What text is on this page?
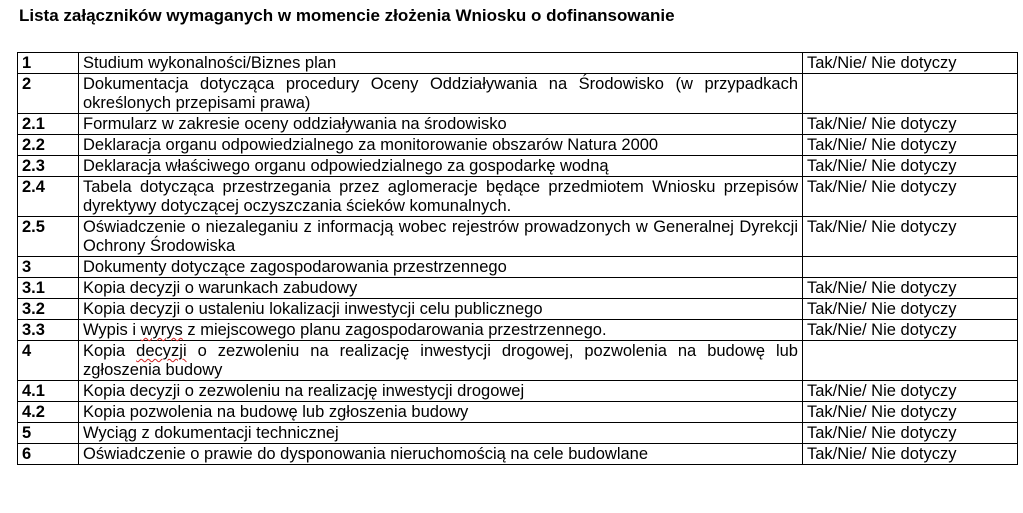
Lista załączników wymaganych w momencie złożenia Wniosku o dofinansowanie
1	Studium wykonalności/Biznes plan	Tak/Nie/ Nie dotyczy
2	Dokumentacja dotycząca procedury Oceny Oddziaływania na Środowisko (w przypadkach określonych przepisami prawa)	
2.1	Formularz w zakresie oceny oddziaływania na środowisko	Tak/Nie/ Nie dotyczy
2.2	Deklaracja organu odpowiedzialnego za monitorowanie obszarów Natura 2000	Tak/Nie/ Nie dotyczy
2.3	Deklaracja właściwego organu odpowiedzialnego za gospodarkę wodną	Tak/Nie/ Nie dotyczy
2.4	Tabela dotycząca przestrzegania przez aglomeracje będące przedmiotem Wniosku przepisów dyrektywy dotyczącej oczyszczania ścieków komunalnych.	Tak/Nie/ Nie dotyczy
2.5	Oświadczenie o niezaleganiu z informacją wobec rejestrów prowadzonych w Generalnej Dyrekcji Ochrony Środowiska	Tak/Nie/ Nie dotyczy
3	Dokumenty dotyczące zagospodarowania przestrzennego	
3.1	Kopia decyzji o warunkach zabudowy	Tak/Nie/ Nie dotyczy
3.2	Kopia decyzji o ustaleniu lokalizacji inwestycji celu publicznego	Tak/Nie/ Nie dotyczy
3.3	Wypis i wyrys z miejscowego planu zagospodarowania przestrzennego.	Tak/Nie/ Nie dotyczy
4	Kopia decyzji o zezwoleniu na realizację inwestycji drogowej, pozwolenia na budowę lub zgłoszenia budowy	
4.1	Kopia decyzji o zezwoleniu na realizację inwestycji drogowej	Tak/Nie/ Nie dotyczy
4.2	Kopia pozwolenia na budowę lub zgłoszenia budowy	Tak/Nie/ Nie dotyczy
5	Wyciąg z dokumentacji technicznej	Tak/Nie/ Nie dotyczy
6	Oświadczenie o prawie do dysponowania nieruchomością na cele budowlane	Tak/Nie/ Nie dotyczy
